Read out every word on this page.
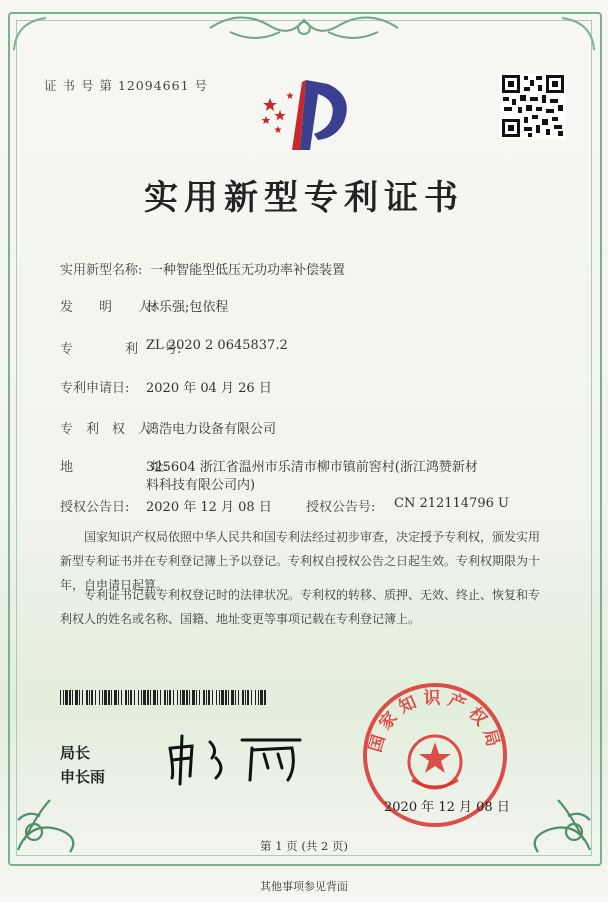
证 书 号 第 12094661 号
实用新型专利证书
实用新型名称: 一种智能型低压无功功率补偿装置
发　　明　　人:
林乐强;包依程
专　　　　利　　号:
ZL 2020 2 0645837.2
专利申请日: 2020 年 04 月 26 日
专　利　权　人:
鸿浩电力设备有限公司
地　　　　　　址:
325604 浙江省温州市乐清市柳市镇前窖村(浙江鸿赞新材
料科技有限公司内)
授权公告日: 2020 年 12 月 08 日	授权公告号: CN 212114796 U
国家知识产权局依照中华人民共和国专利法经过初步审查，决定授予专利权，颁发实用新型专利证书并在专利登记簿上予以登记。专利权自授权公告之日起生效。专利权期限为十年，自申请日起算。
专利证书记载专利权登记时的法律状况。专利权的转移、质押、无效、终止、恢复和专利权人的姓名或名称、国籍、地址变更等事项记载在专利登记簿上。
局长
申长雨
国家知识产权局
2020 年 12 月 08 日
第 1 页 (共 2 页)
其他事项参见背面
